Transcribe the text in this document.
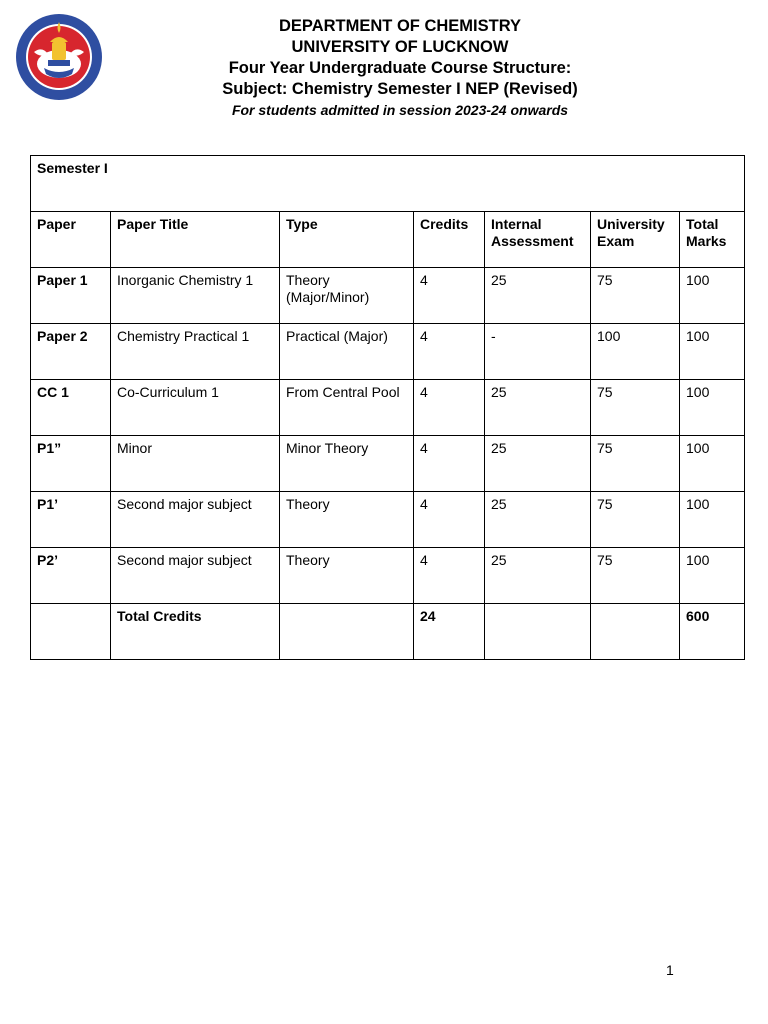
DEPARTMENT OF CHEMISTRY
UNIVERSITY OF LUCKNOW
Four Year Undergraduate Course Structure:
Subject: Chemistry Semester I NEP (Revised)
For students admitted in session 2023-24 onwards
Semester I						
Paper	Paper Title	Type	Credits	Internal Assessment	University Exam	Total Marks
Paper 1	Inorganic Chemistry 1	Theory (Major/Minor)	4	25	75	100
Paper 2	Chemistry Practical 1	Practical (Major)	4	-	100	100
CC 1	Co-Curriculum 1	From Central Pool	4	25	75	100
P1”	Minor	Minor Theory	4	25	75	100
P1’	Second major subject	Theory	4	25	75	100
P2’	Second major subject	Theory	4	25	75	100
	Total Credits		24			600
1
